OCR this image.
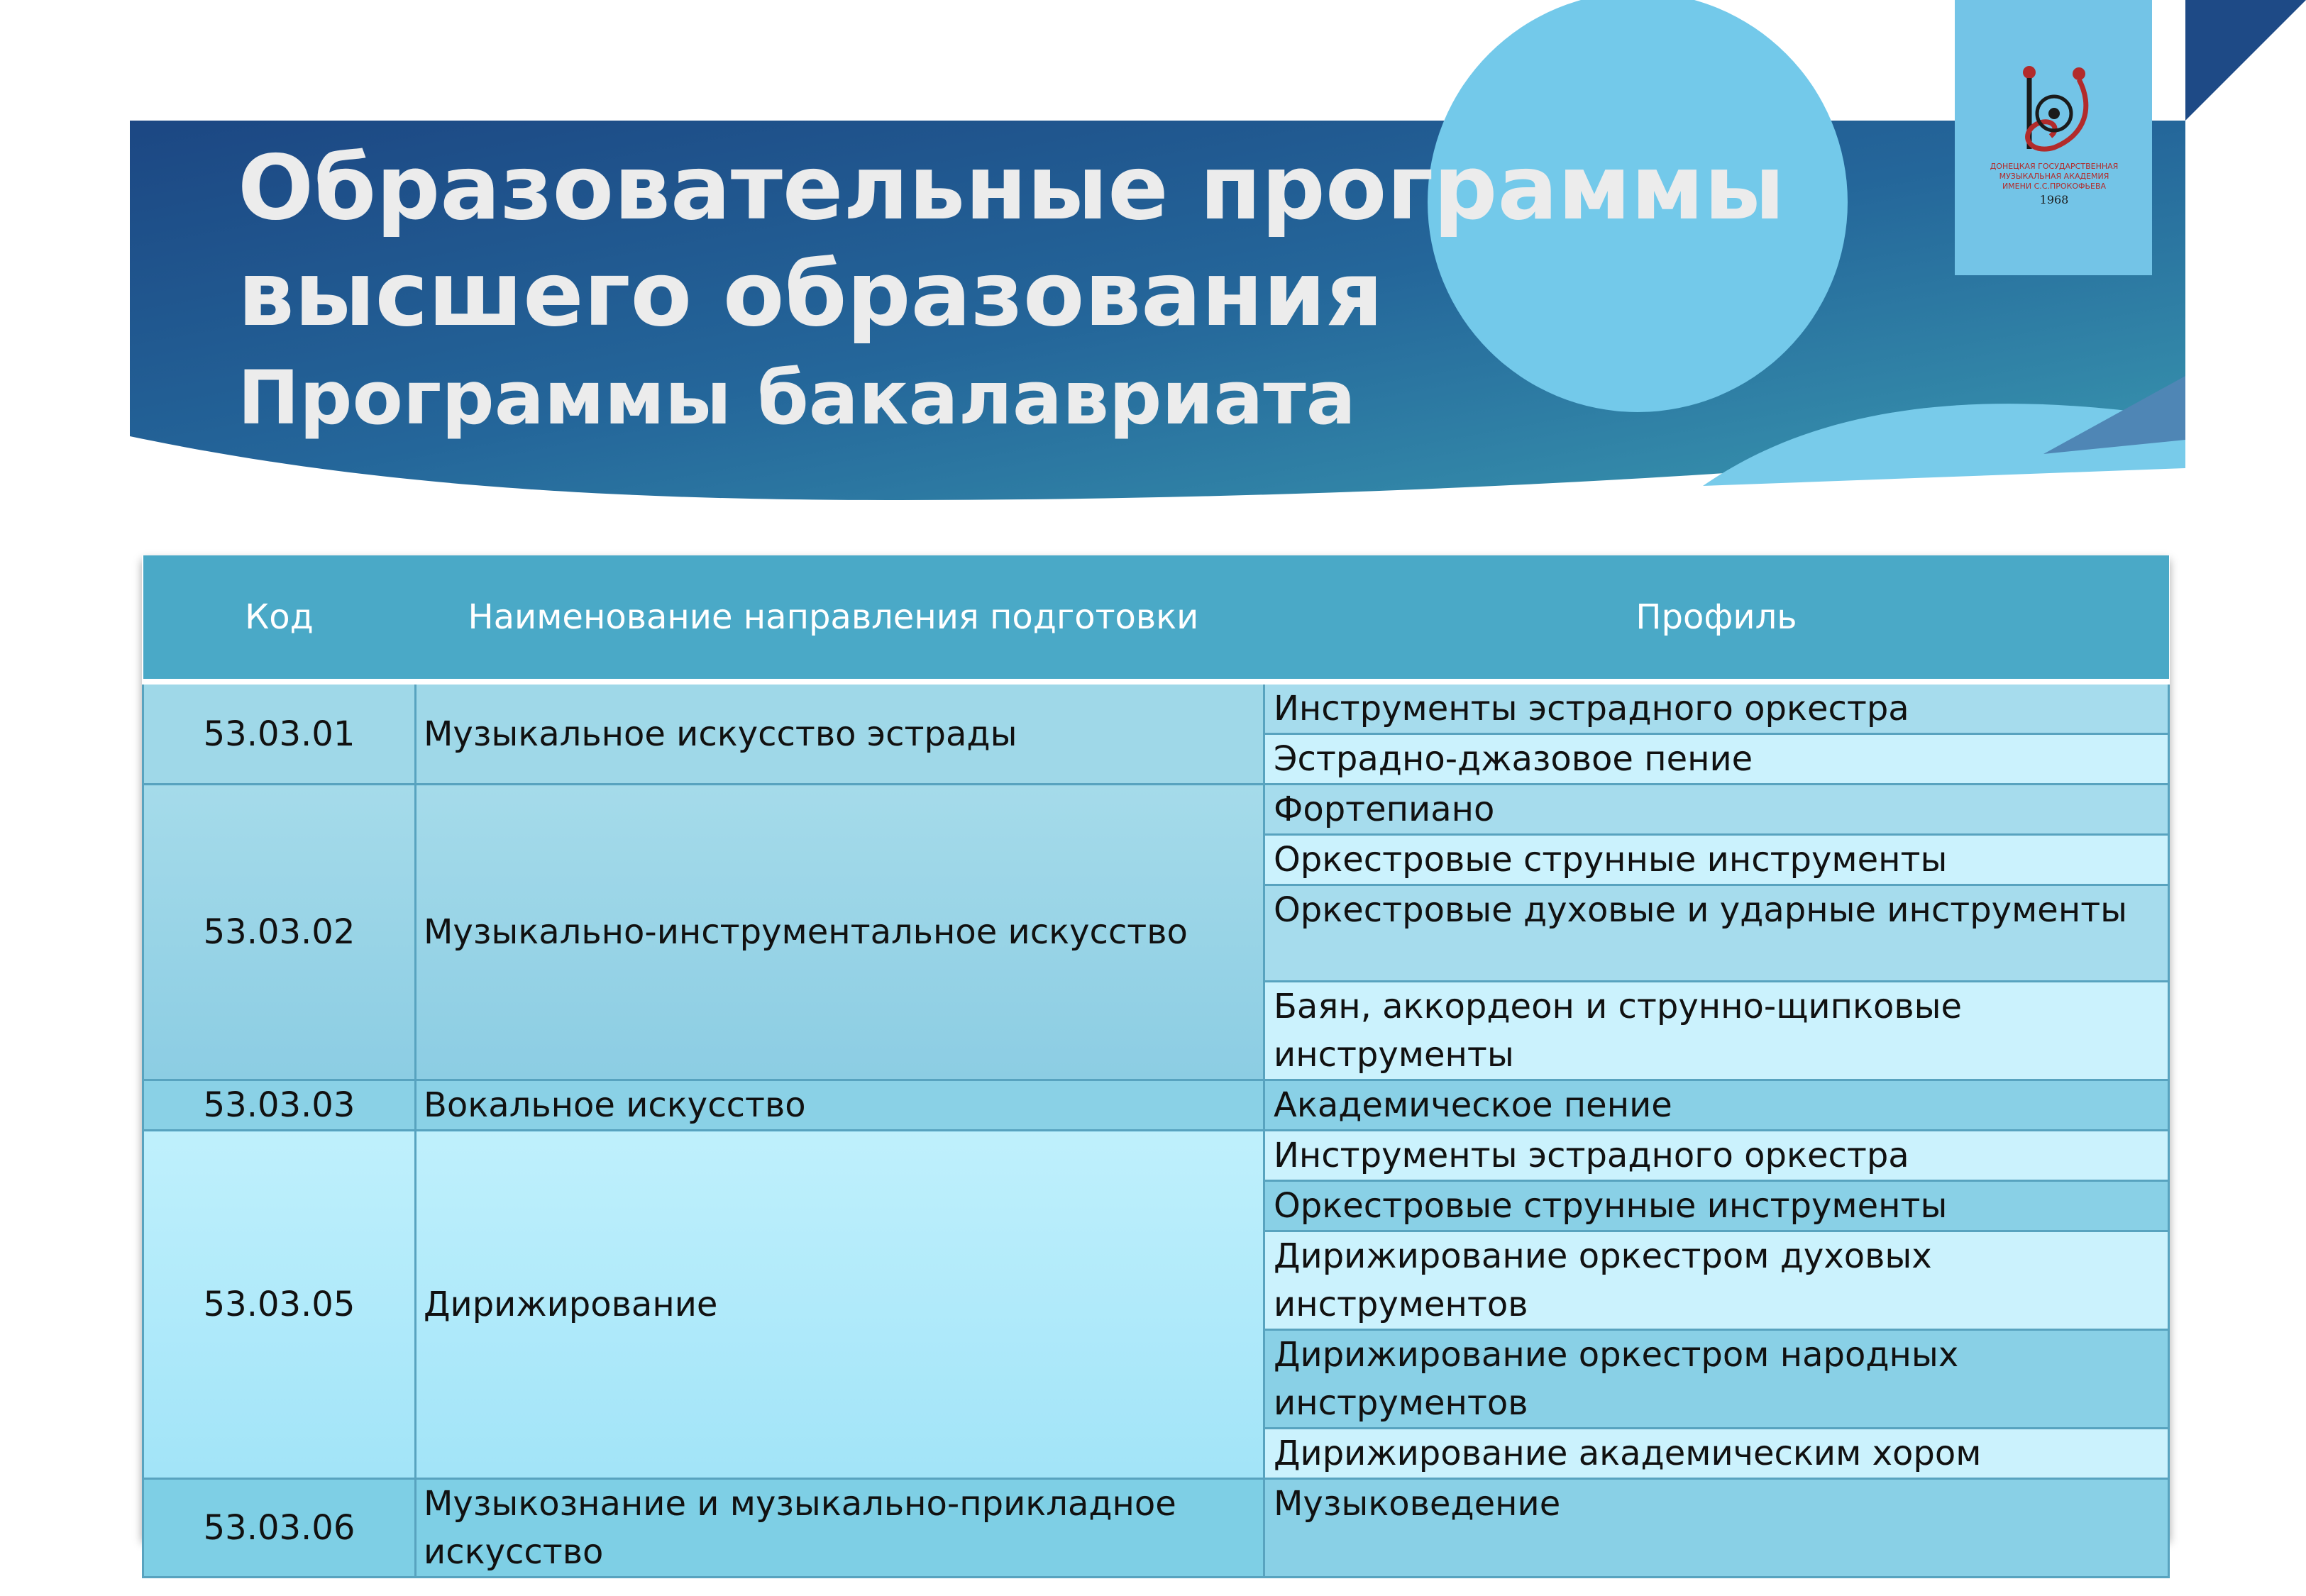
ДОНЕЦКАЯ ГОСУДАРСТВЕННАЯ
МУЗЫКАЛЬНАЯ АКАДЕМИЯ
ИМЕНИ С.С.ПРОКОФЬЕВА
1968
Образовательные программы
высшего образования
Программы бакалавриата
Код	Наименование направления подготовки	Профиль
53.03.01	Музыкальное искусство эстрады	Инструменты эстрадного оркестра
		Эстрадно-джазовое пение
53.03.02	Музыкально-инструментальное искусство	Фортепиано
		Оркестровые струнные инструменты
		Оркестровые духовые и ударные инструменты
		Баян, аккордеон и струнно-щипковые инструменты
53.03.03	Вокальное искусство	Академическое пение
53.03.05	Дирижирование	Инструменты эстрадного оркестра
		Оркестровые струнные инструменты
		Дирижирование оркестром духовых инструментов
		Дирижирование оркестром народных инструментов
		Дирижирование академическим хором
53.03.06	Музыкознание и музыкально-прикладное искусство	Музыковедение
